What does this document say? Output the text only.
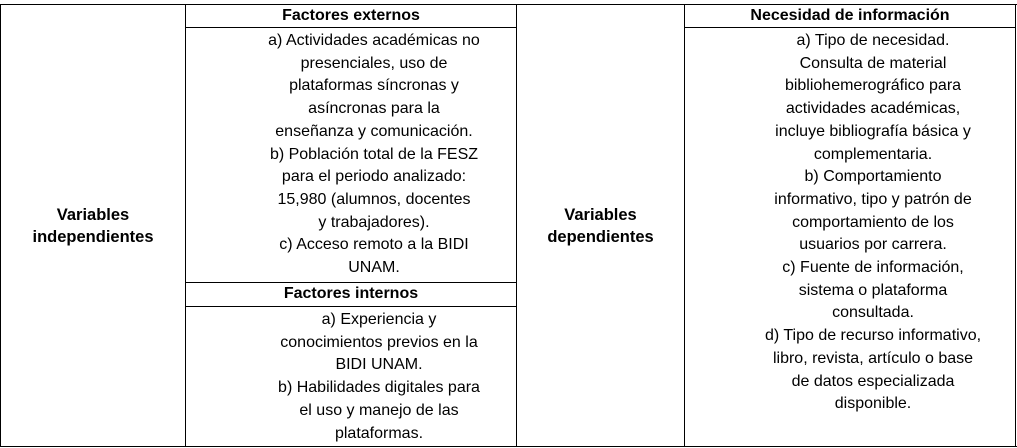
Variables
independientes
Factores externos
a) Actividades académicas no
presenciales, uso de
plataformas síncronas y
asíncronas para la
enseñanza y comunicación.
b) Población total de la FESZ
para el periodo analizado:
15,980 (alumnos, docentes
y trabajadores).
c) Acceso remoto a la BIDI
UNAM.
Factores internos
a) Experiencia y
conocimientos previos en la
BIDI UNAM.
b) Habilidades digitales para
el uso y manejo de las
plataformas.
Variables
dependientes
Necesidad de información
a) Tipo de necesidad.
Consulta de material
bibliohemerográfico para
actividades académicas,
incluye bibliografía básica y
complementaria.
b) Comportamiento
informativo, tipo y patrón de
comportamiento de los
usuarios por carrera.
c) Fuente de información,
sistema o plataforma
consultada.
d) Tipo de recurso informativo,
libro, revista, artículo o base
de datos especializada
disponible.
